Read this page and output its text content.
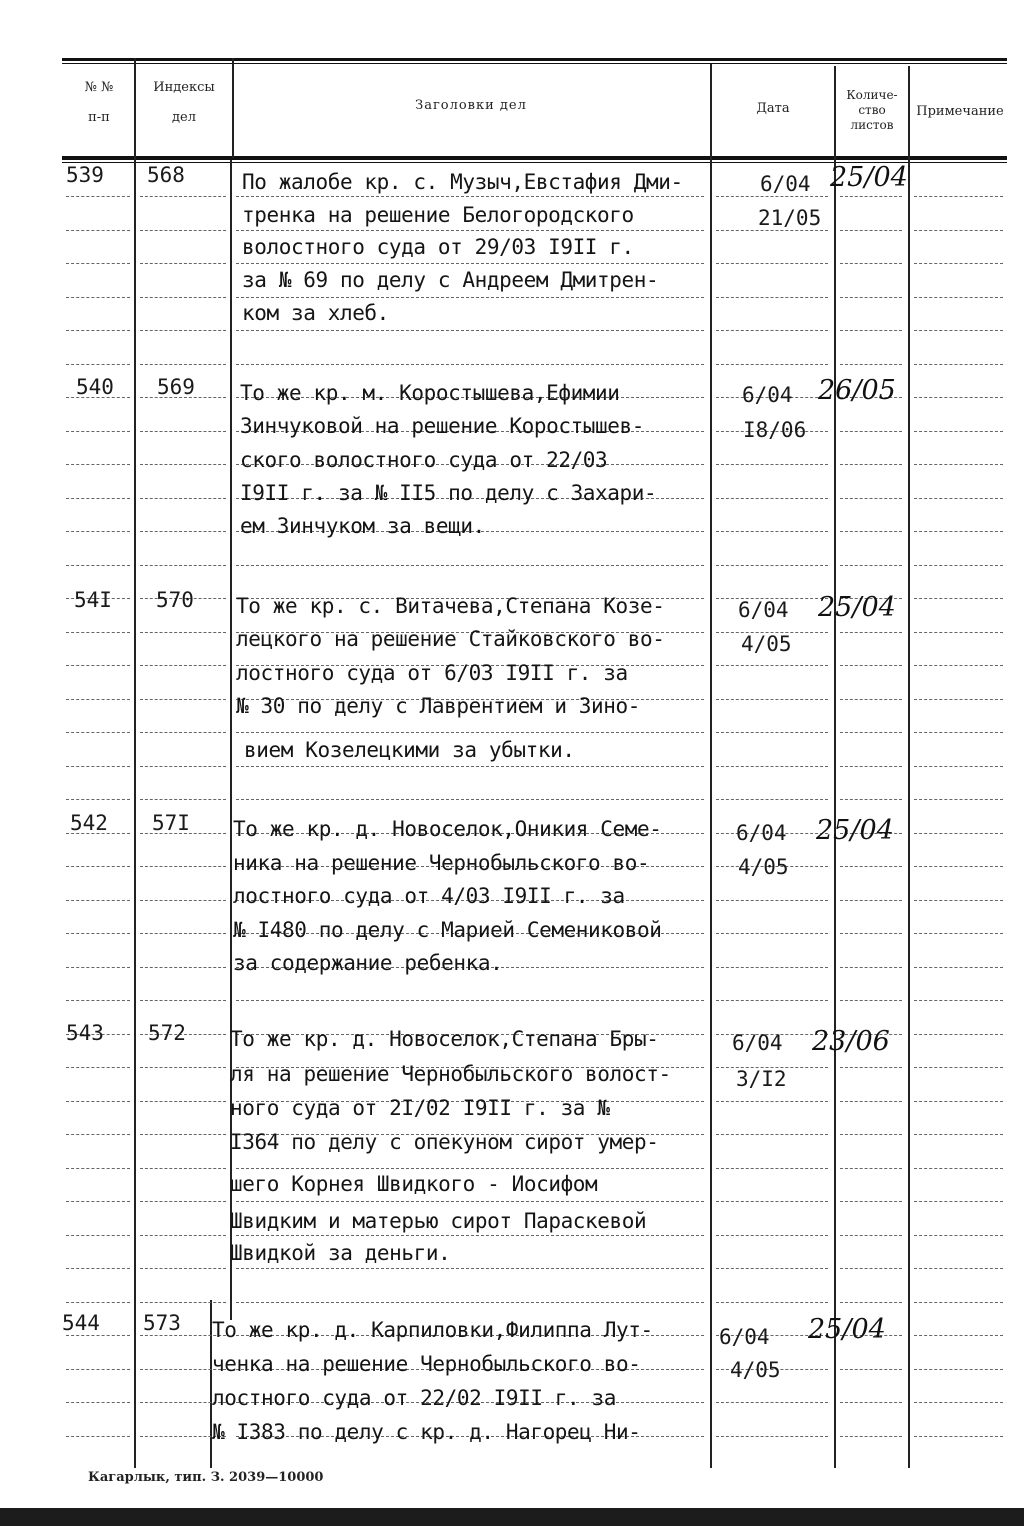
№ №
п-п
Индексы
дел
Заголовки дел	Дата
Количе-
ство
листов
Примечание
539 568	По жалобе кр. с. Музыч,Евстафия Дми-
тренка на решение Белогородского
волостного суда от 29/03 I9II г.
за № 69 по делу с Андреем Дмитрен-
ком за хлеб.
6/04
21/05
25/04
540 569 То же кр. м. Коростышева,Ефимии
Зинчуковой на решение Коростышев-
ского волостного суда от 22/03
I9II г. за № II5 по делу с Захари-
ем Зинчуком за вещи.
6/04
I8/06
26/05
54I 570 То же кр. с. Витачева,Степана Козе-
лецкого на решение Стайковского во-
лостного суда от 6/03 I9II г. за
№ 30 по делу с Лаврентием и Зино-
вием Козелецкими за убытки.
6/04
4/05
25/04
542 57I То же кр. д. Новоселок,Оникия Семе-
ника на решение Чернобыльского во-
лостного суда от 4/03 I9II г. за
№ I480 по делу с Марией Семениковой
за содержание ребенка.
6/04
4/05
25/04
543 572 То же кр. д. Новоселок,Степана Бры-
ля на решение Чернобыльского волост-
ного суда от 2I/02 I9II г. за №
I364 по делу с опекуном сирот умер-
шего Корнея Швидкого - Иосифом
Швидким и матерью сирот Параскевой
Швидкой за деньги.
6/04
3/I2
23/06
544 573 То же кр. д. Карпиловки,Филиппа Лут-
ченка на решение Чернобыльского во-
лостного суда от 22/02 I9II г. за
№ I383 по делу с кр. д. Нагорец Ни-
6/04
4/05
25/04
Кагарлык, тип. З. 2039—10000
